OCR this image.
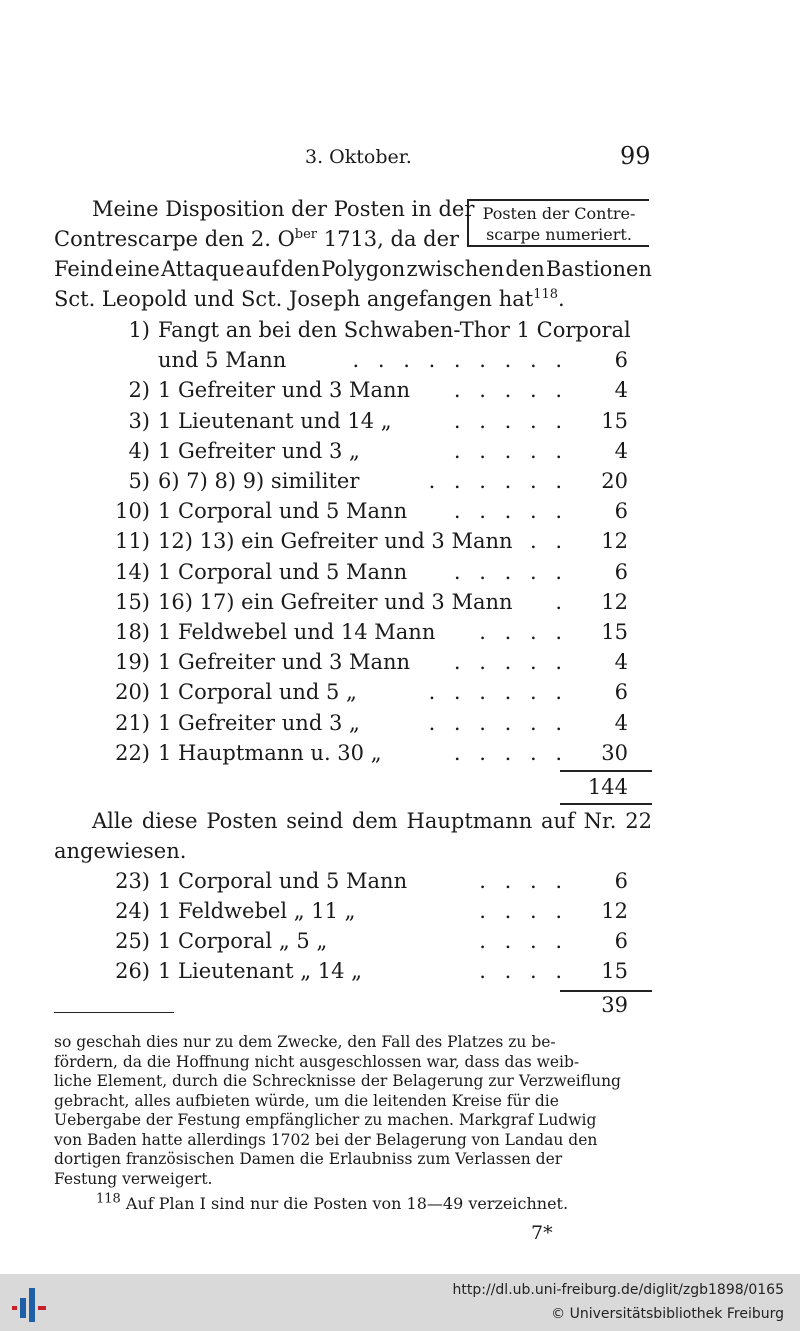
3. Oktober.	99
Posten der Contre-
scarpe numeriert.
Meine Disposition der Posten in der
Contrescarpe den 2. $O^{ber}$ 1713, da der
Feind eine Attaque auf den Polygon zwischen den Bastionen
Sct. Leopold und Sct. Joseph angefangen hat$^{118}$.
1) Fangt an bei den Schwaben-Thor 1 Corporal
und 5 Mann	. . . . . . . . . 6
2) 1 Gefreiter und 3 Mann . . . . . 4
3) 1 Lieutenant und 14 „	. . . . . 15
4) 1 Gefreiter und 3 „	. . . . . 4
5) 6) 7) 8) 9) similiter	. . . . . . 20
10) 1 Corporal und 5 Mann . . . . . 6
11) 12) 13) ein Gefreiter und 3 Mann . . 12
14) 1 Corporal und 5 Mann . . . . . 6
15) 16) 17) ein Gefreiter und 3 Mann . 12
18) 1 Feldwebel und 14 Mann . . . . 15
19) 1 Gefreiter und 3 Mann . . . . . 4
20) 1 Corporal und 5 „	. . . . . . 6
21) 1 Gefreiter und 3 „	. . . . . . 4
22) 1 Hauptmann u. 30 „	. . . . . 30
144
Alle diese Posten seind dem Hauptmann auf Nr. 22
angewiesen.
23) 1 Corporal und 5 Mann	. . . . 6
24) 1 Feldwebel „ 11 „	. . . . 12
25) 1 Corporal „ 5 „	. . . . 6
26) 1 Lieutenant „ 14 „	. . . . 15
39
so geschah dies nur zu dem Zwecke, den Fall des Platzes zu be-
fördern, da die Hoffnung nicht ausgeschlossen war, dass das weib-
liche Element, durch die Schrecknisse der Belagerung zur Verzweiflung
gebracht, alles aufbieten würde, um die leitenden Kreise für die
Uebergabe der Festung empfänglicher zu machen. Markgraf Ludwig
von Baden hatte allerdings 1702 bei der Belagerung von Landau den
dortigen französischen Damen die Erlaubniss zum Verlassen der
Festung verweigert.
$^{118}$ Auf Plan I sind nur die Posten von 18—49 verzeichnet.
7*
http://dl.ub.uni-freiburg.de/diglit/zgb1898/0165
© Universitätsbibliothek Freiburg
